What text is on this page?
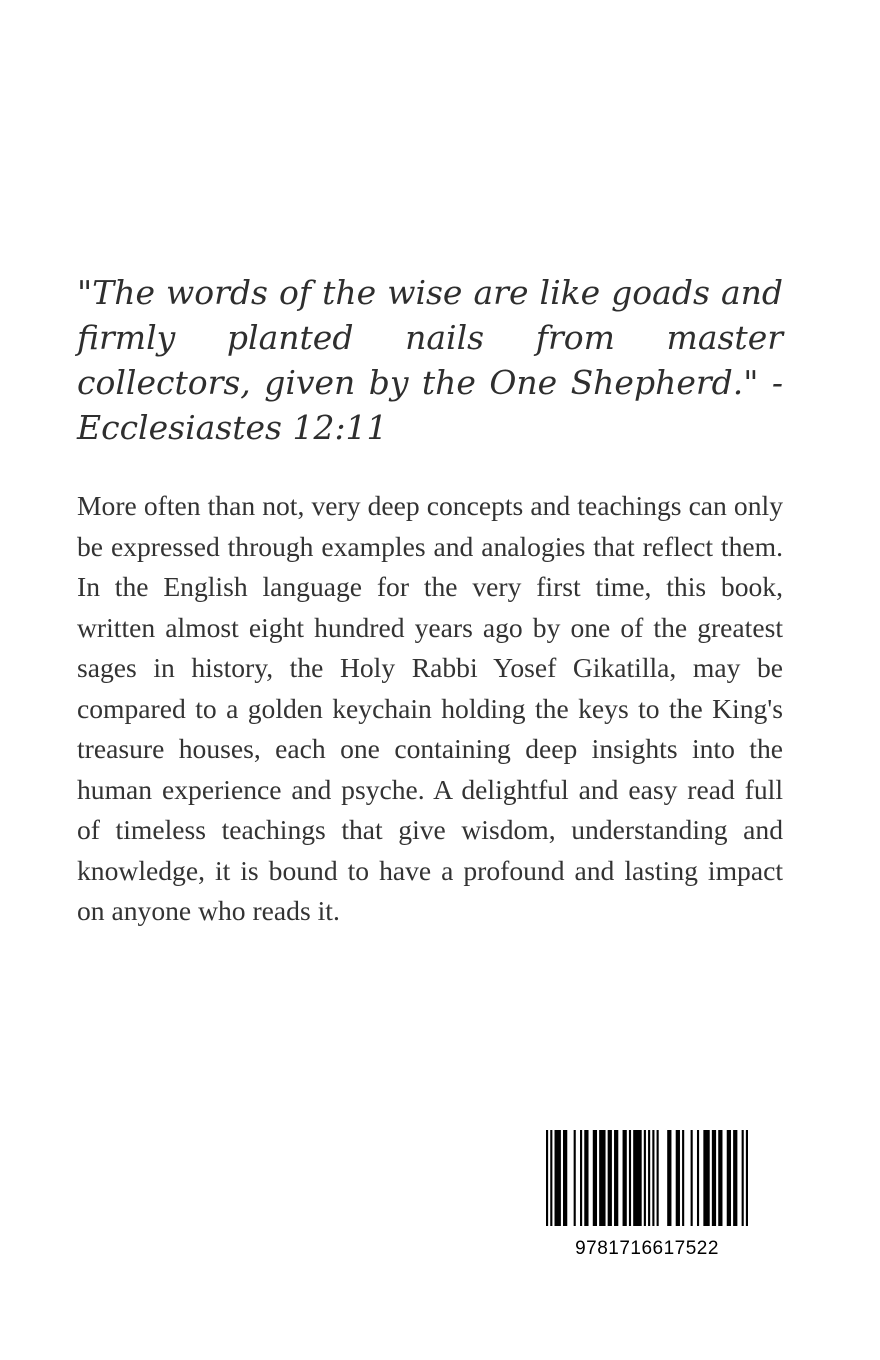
"The words of the wise are like goads and firmly planted nails from master collectors, given by the One Shepherd." -Ecclesiastes 12:11

More often than not, very deep concepts and teachings can only be expressed through examples and analogies that reflect them. In the English language for the very first time, this book, written almost eight hundred years ago by one of the greatest sages in history, the Holy Rabbi Yosef Gikatilla, may be compared to a golden keychain holding the keys to the King's treasure houses, each one containing deep insights into the human experience and psyche. A delightful and easy read full of timeless teachings that give wisdom, understanding and knowledge, it is bound to have a profound and lasting impact on anyone who reads it.

9781716617522
